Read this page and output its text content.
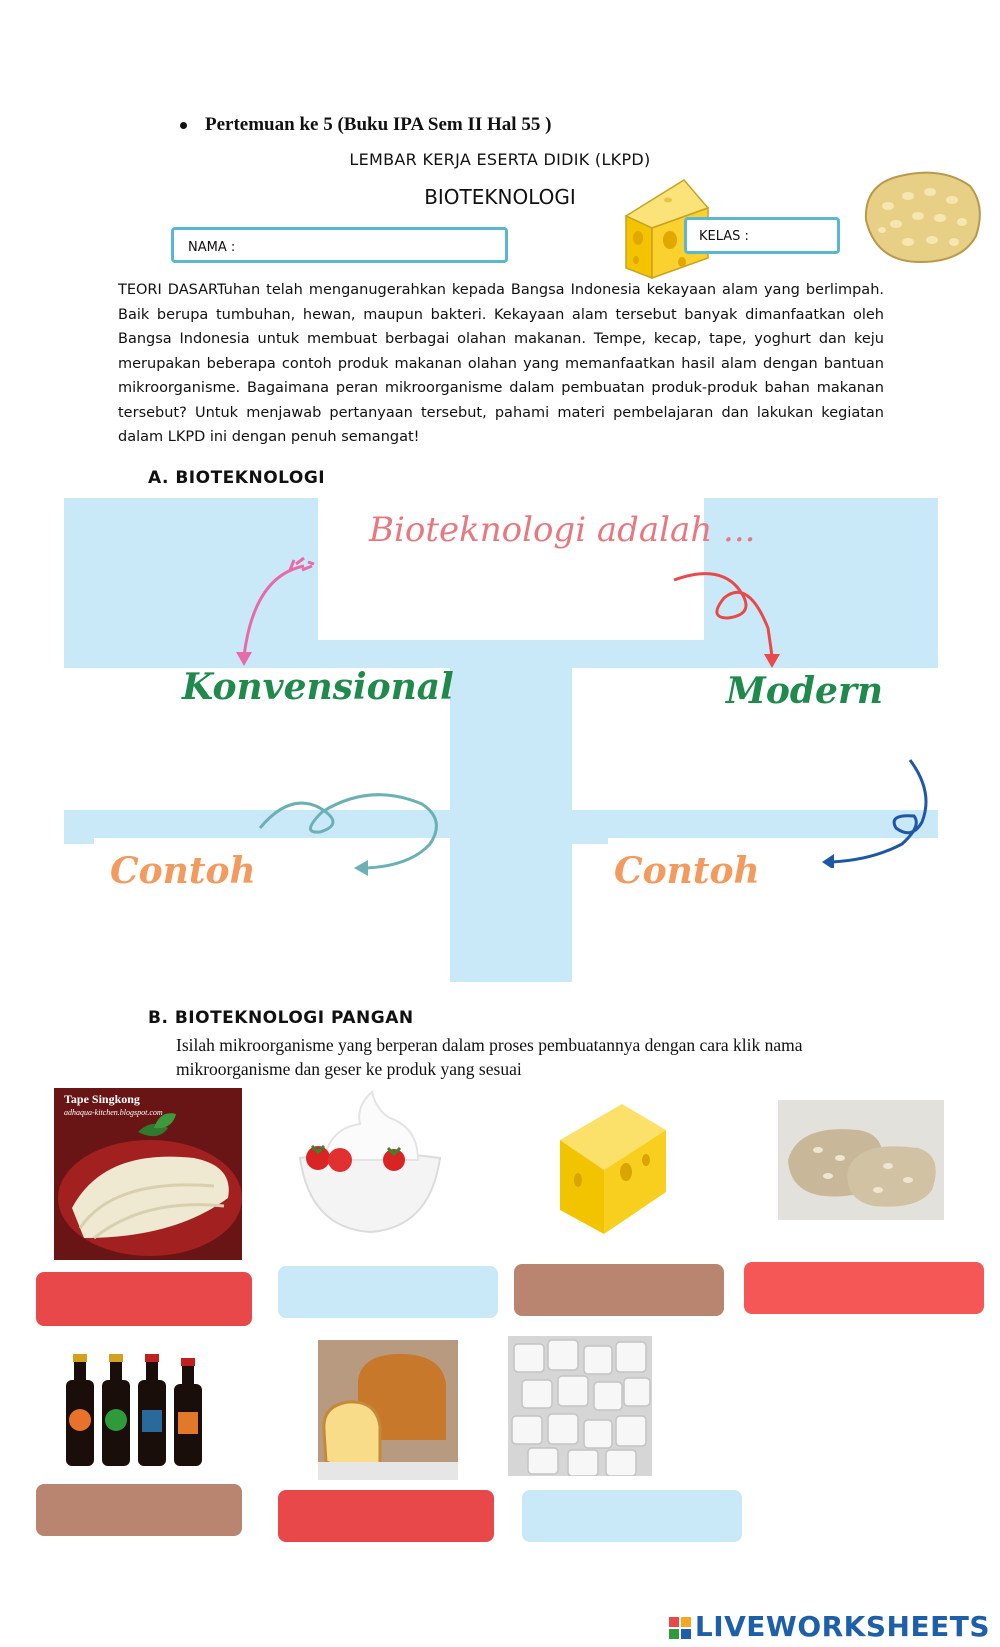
Pertemuan ke 5 (Buku IPA Sem II Hal 55 )
LEMBAR KERJA ESERTA DIDIK (LKPD)
BIOTEKNOLOGI
NAMA :
KELAS :
TEORI DASARTuhan telah menganugerahkan kepada Bangsa Indonesia kekayaan alam yang berlimpah. Baik berupa tumbuhan, hewan, maupun bakteri. Kekayaan alam tersebut banyak dimanfaatkan oleh Bangsa Indonesia untuk membuat berbagai olahan makanan. Tempe, kecap, tape, yoghurt dan keju merupakan beberapa contoh produk makanan olahan yang memanfaatkan hasil alam dengan bantuan mikroorganisme. Bagaimana peran mikroorganisme dalam pembuatan produk-produk bahan makanan tersebut? Untuk menjawab pertanyaan tersebut, pahami materi pembelajaran dan lakukan kegiatan dalam LKPD ini dengan penuh semangat!
A. BIOTEKNOLOGI
Bioteknologi adalah ...
Konvensional	Modern
Contoh	Contoh
B. BIOTEKNOLOGI PANGAN
Isilah mikroorganisme yang berperan dalam proses pembuatannya dengan cara klik nama mikroorganisme dan geser ke produk yang sesuai
Tape Singkong
adhaqua-kitchen.blogspot.com
LIVEWORKSHEETS
